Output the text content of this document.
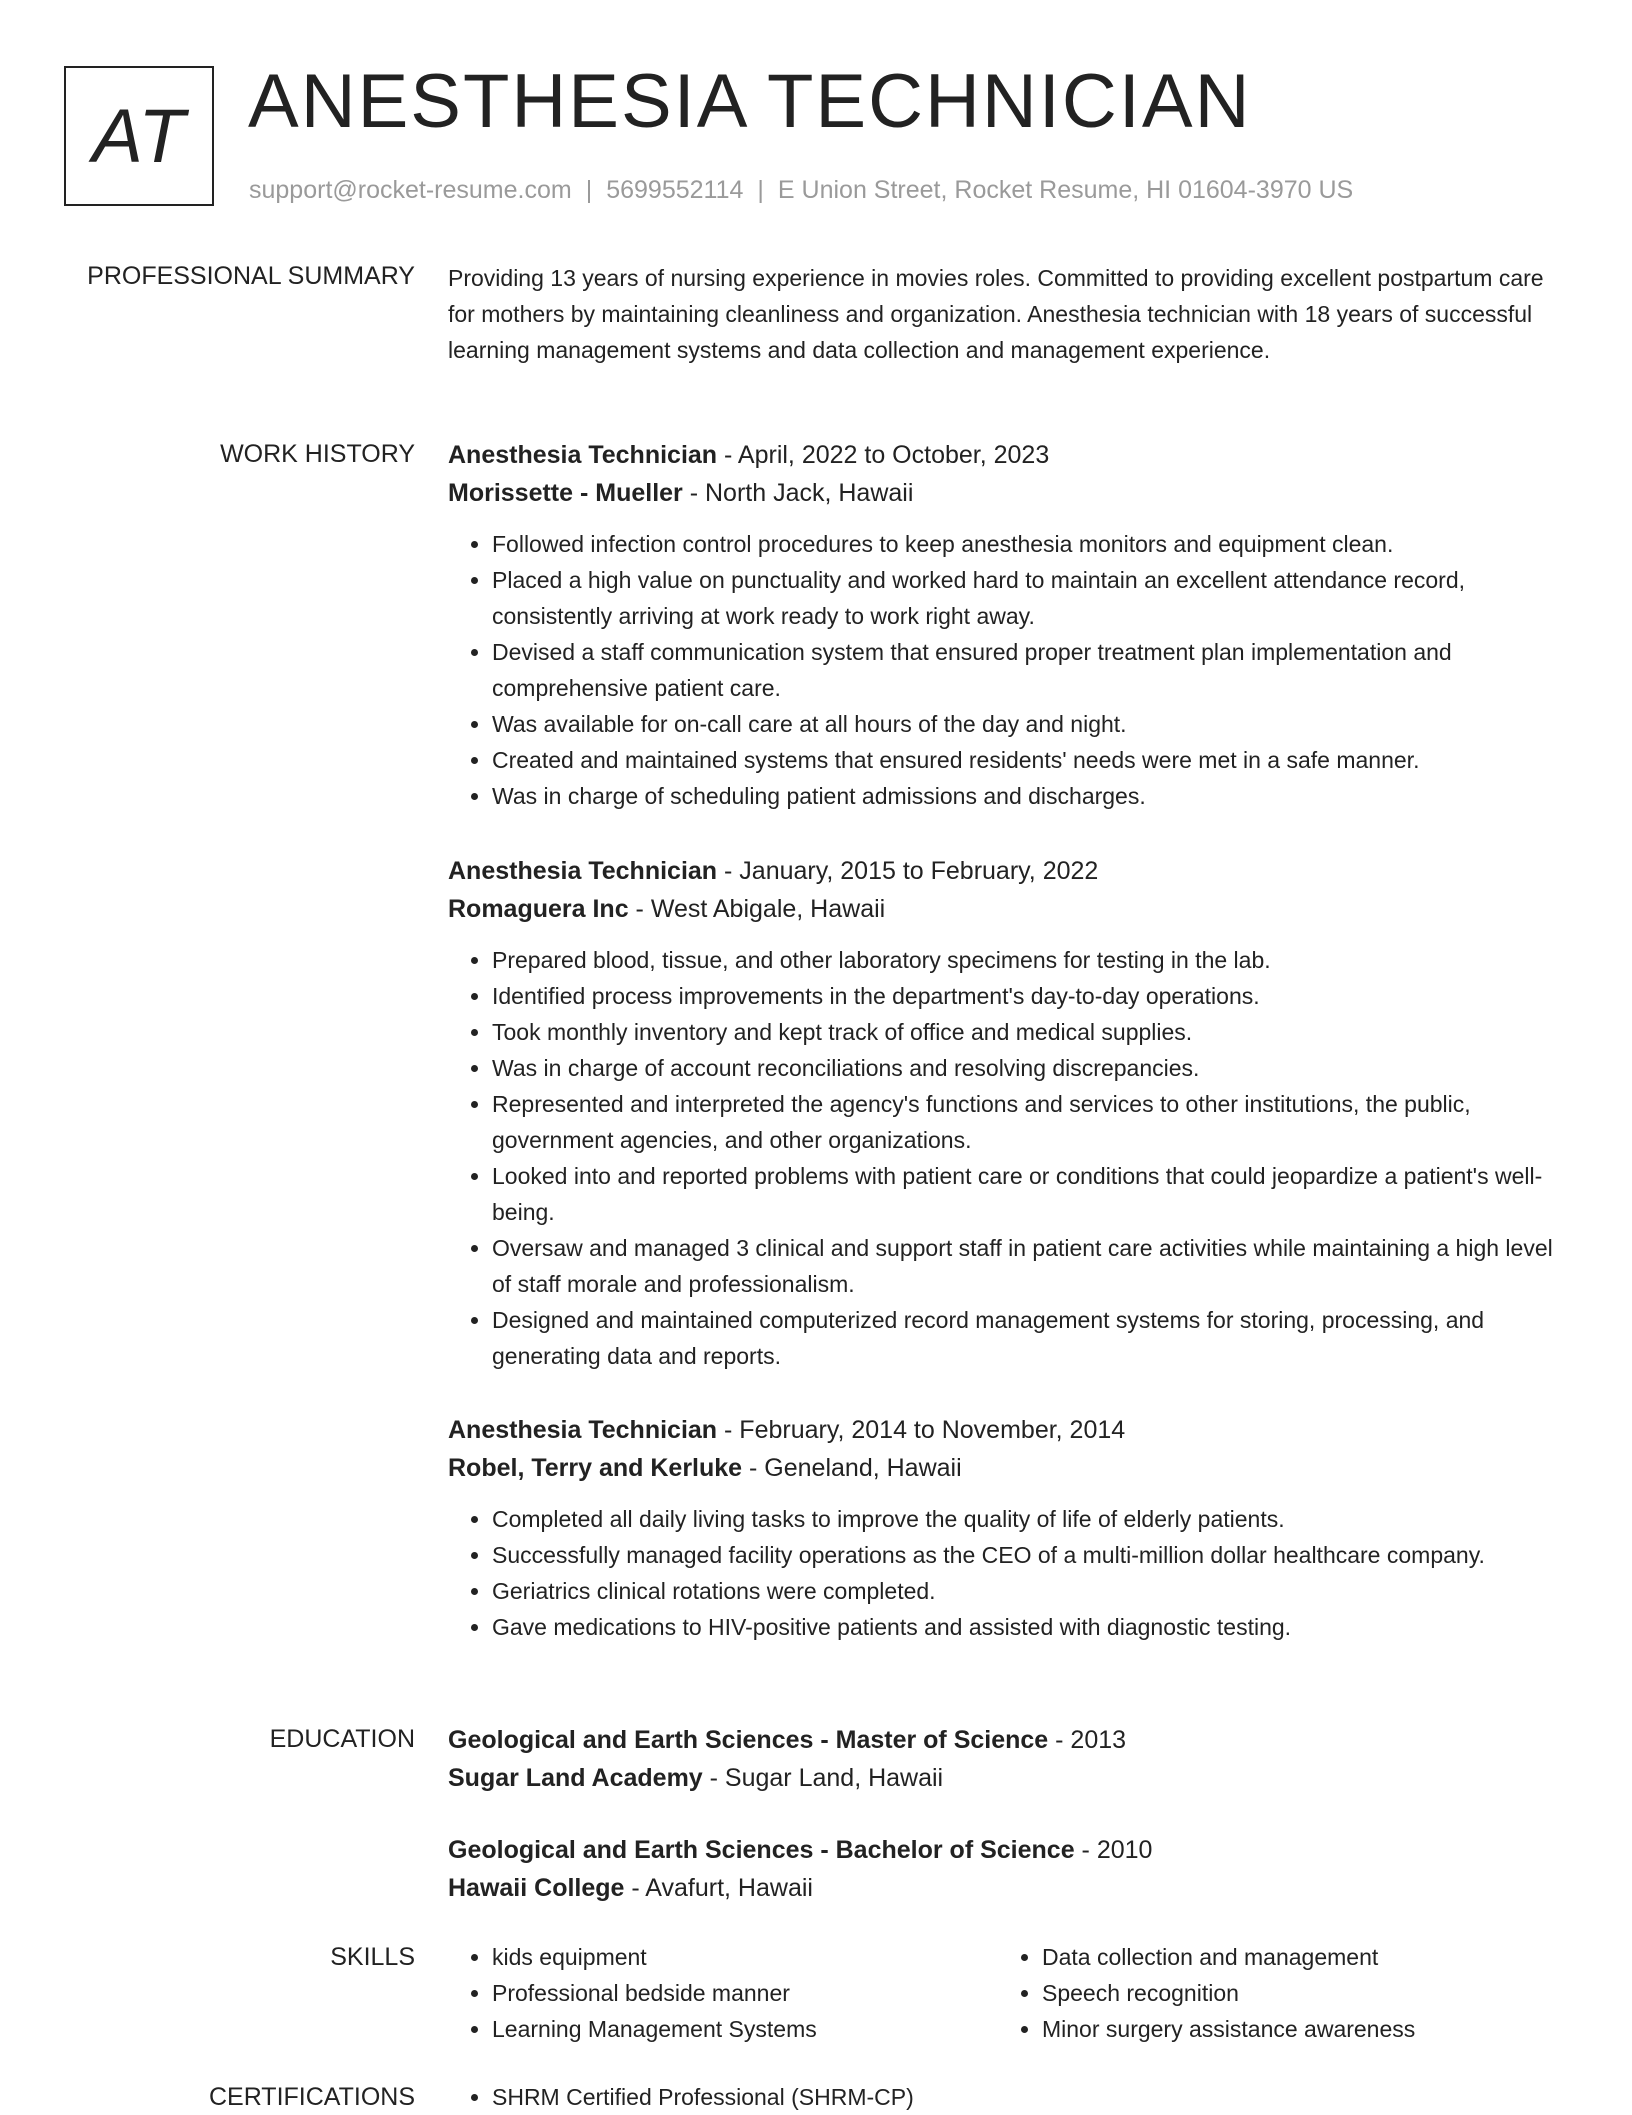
AT ANESTHESIA TECHNICIAN
support@rocket-resume.com | 5699552114 | E Union Street, Rocket Resume, HI 01604-3970 US
PROFESSIONAL SUMMARY Providing 13 years of nursing experience in movies roles. Committed to providing excellent postpartum care for mothers by maintaining cleanliness and organization. Anesthesia technician with 18 years of successful learning management systems and data collection and management experience.

WORK HISTORY Anesthesia Technician - April, 2022 to October, 2023
Morissette - Mueller - North Jack, Hawaii
• Followed infection control procedures to keep anesthesia monitors and equipment clean.
• Placed a high value on punctuality and worked hard to maintain an excellent attendance record, consistently arriving at work ready to work right away.
• Devised a staff communication system that ensured proper treatment plan implementation and comprehensive patient care.
• Was available for on-call care at all hours of the day and night.
• Created and maintained systems that ensured residents' needs were met in a safe manner.
• Was in charge of scheduling patient admissions and discharges.
Anesthesia Technician - January, 2015 to February, 2022
Romaguera Inc - West Abigale, Hawaii
• Prepared blood, tissue, and other laboratory specimens for testing in the lab.
• Identified process improvements in the department's day-to-day operations.
• Took monthly inventory and kept track of office and medical supplies.
• Was in charge of account reconciliations and resolving discrepancies.
• Represented and interpreted the agency's functions and services to other institutions, the public, government agencies, and other organizations.
• Looked into and reported problems with patient care or conditions that could jeopardize a patient's well-being.
• Oversaw and managed 3 clinical and support staff in patient care activities while maintaining a high level of staff morale and professionalism.
• Designed and maintained computerized record management systems for storing, processing, and generating data and reports.
Anesthesia Technician - February, 2014 to November, 2014
Robel, Terry and Kerluke - Geneland, Hawaii
• Completed all daily living tasks to improve the quality of life of elderly patients.
• Successfully managed facility operations as the CEO of a multi-million dollar healthcare company.
• Geriatrics clinical rotations were completed.
• Gave medications to HIV-positive patients and assisted with diagnostic testing.
EDUCATION Geological and Earth Sciences - Master of Science - 2013
Sugar Land Academy - Sugar Land, Hawaii
Geological and Earth Sciences - Bachelor of Science - 2010
Hawaii College - Avafurt, Hawaii
SKILLS	• kids equipment
• Professional bedside manner
• Learning Management Systems
• Data collection and management
• Speech recognition
• Minor surgery assistance awareness
CERTIFICATIONS	• SHRM Certified Professional (SHRM-CP)
